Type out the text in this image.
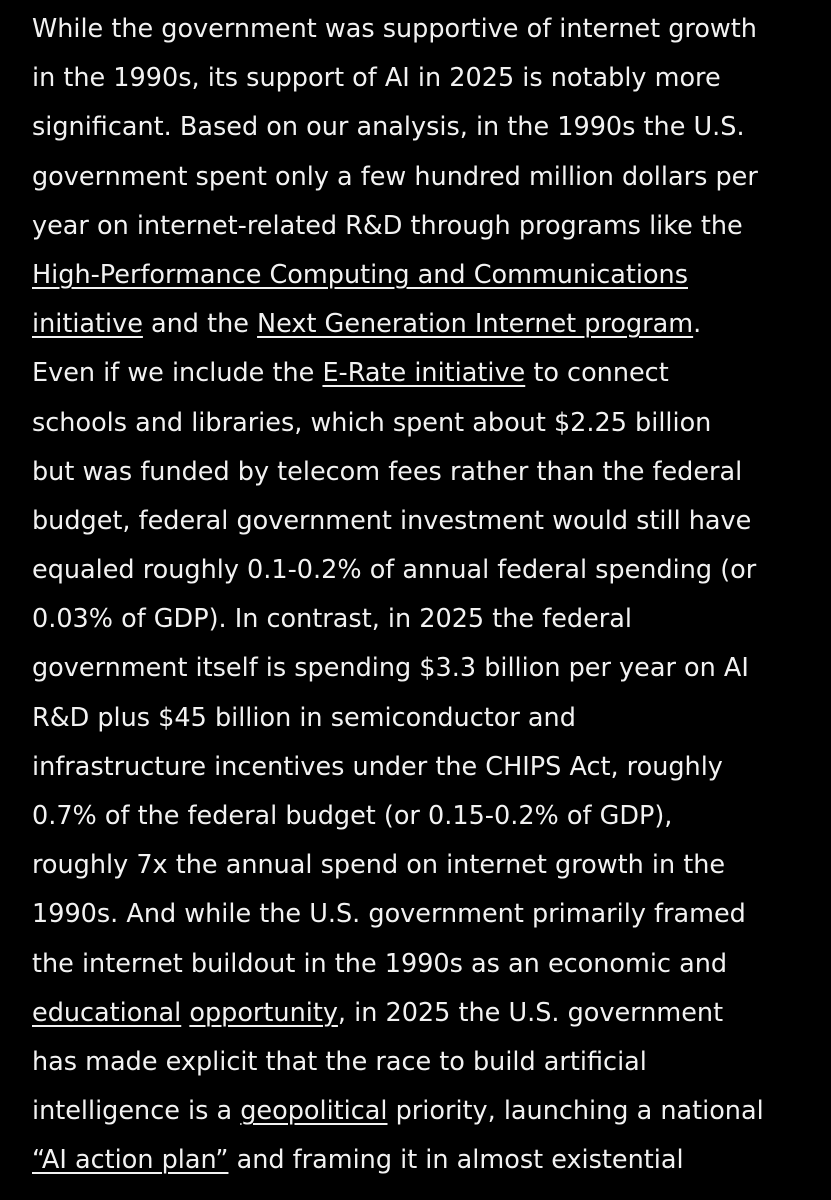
While the government was supportive of internet growth
in the 1990s, its support of AI in 2025 is notably more
significant. Based on our analysis, in the 1990s the U.S.
government spent only a few hundred million dollars per
year on internet-related R&D through programs like the
High-Performance Computing and Communications
initiative and the Next Generation Internet program.
Even if we include the E-Rate initiative to connect
schools and libraries, which spent about $2.25 billion
but was funded by telecom fees rather than the federal
budget, federal government investment would still have
equaled roughly 0.1-0.2% of annual federal spending (or
0.03% of GDP). In contrast, in 2025 the federal
government itself is spending $3.3 billion per year on AI
R&D plus $45 billion in semiconductor and
infrastructure incentives under the CHIPS Act, roughly
0.7% of the federal budget (or 0.15-0.2% of GDP),
roughly 7x the annual spend on internet growth in the
1990s. And while the U.S. government primarily framed
the internet buildout in the 1990s as an economic and
educational opportunity, in 2025 the U.S. government
has made explicit that the race to build artificial
intelligence is a geopolitical priority, launching a national
“AI action plan” and framing it in almost existential
